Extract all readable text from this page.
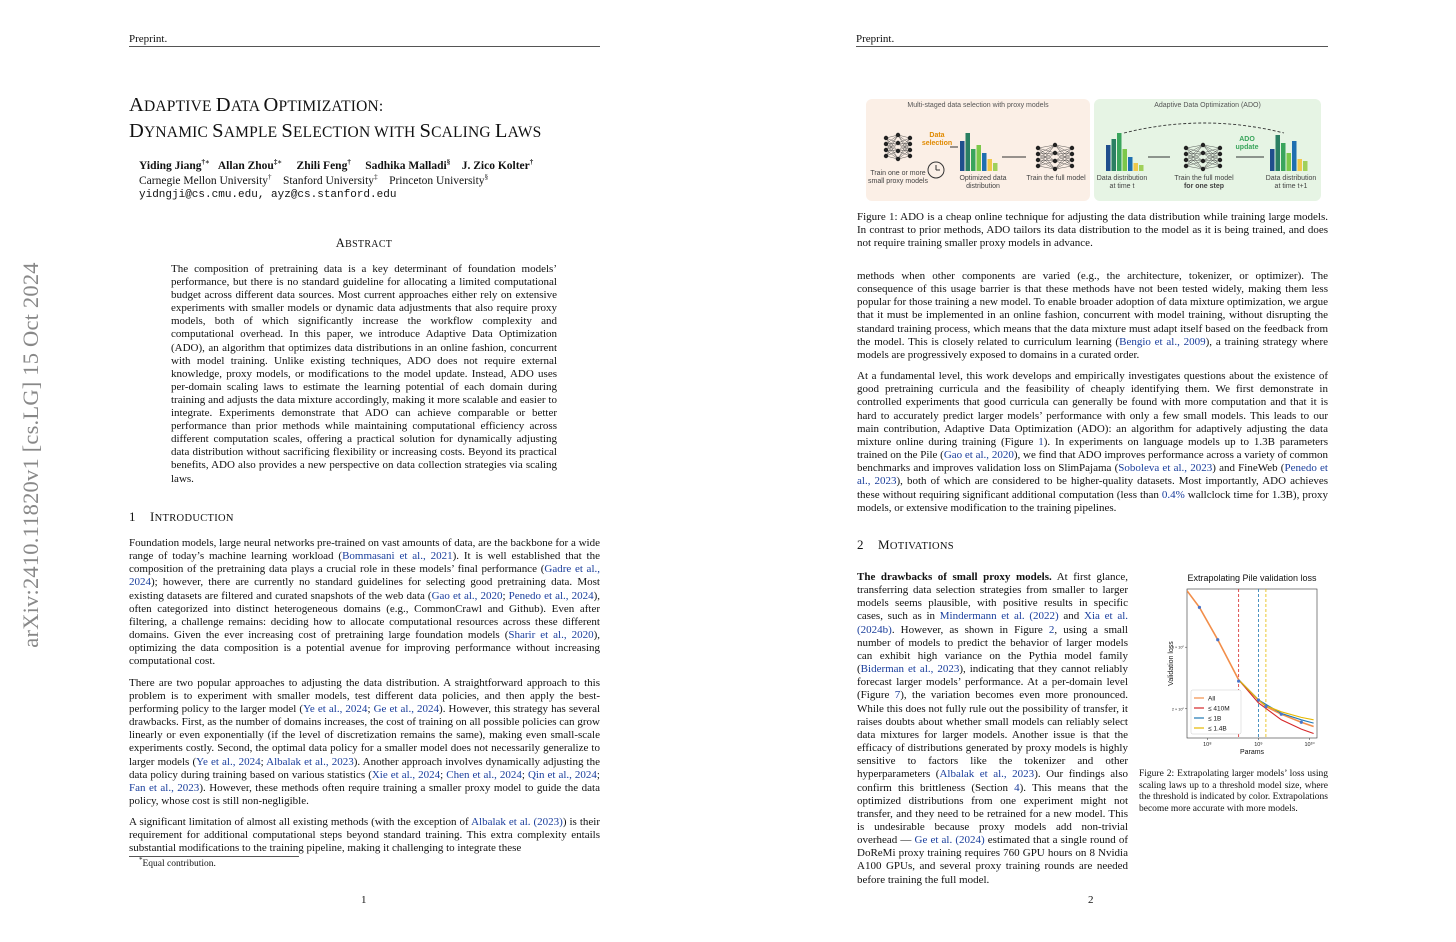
Preprint.
arXiv:2410.11820v1 [cs.LG] 15 Oct 2024
ADAPTIVE DATA OPTIMIZATION:
DYNAMIC SAMPLE SELECTION WITH SCALING LAWS
Yiding Jiang†∗ Allan Zhou‡∗ Zhili Feng† Sadhika Malladi§ J. Zico Kolter†
Carnegie Mellon University† Stanford University‡ Princeton University§
yidngji@cs.cmu.edu, ayz@cs.stanford.edu
ABSTRACT
The composition of pretraining data is a key determinant of foundation models’ performance, but there is no standard guideline for allocating a limited computational budget across different data sources. Most current approaches either rely on extensive experiments with smaller models or dynamic data adjustments that also require proxy models, both of which significantly increase the workflow complexity and computational overhead. In this paper, we introduce Adaptive Data Optimization (ADO), an algorithm that optimizes data distributions in an online fashion, concurrent with model training. Unlike existing techniques, ADO does not require external knowledge, proxy models, or modifications to the model update. Instead, ADO uses per-domain scaling laws to estimate the learning potential of each domain during training and adjusts the data mixture accordingly, making it more scalable and easier to integrate. Experiments demonstrate that ADO can achieve comparable or better performance than prior methods while maintaining computational efficiency across different computation scales, offering a practical solution for dynamically adjusting data distribution without sacrificing flexibility or increasing costs. Beyond its practical benefits, ADO also provides a new perspective on data collection strategies via scaling laws.
1 INTRODUCTION

Foundation models, large neural networks pre-trained on vast amounts of data, are the backbone for a wide range of today’s machine learning workload (Bommasani et al., 2021). It is well established that the composition of the pretraining data plays a crucial role in these models’ final performance (Gadre et al., 2024); however, there are currently no standard guidelines for selecting good pretraining data. Most existing datasets are filtered and curated snapshots of the web data (Gao et al., 2020; Penedo et al., 2024), often categorized into distinct heterogeneous domains (e.g., CommonCrawl and Github). Even after filtering, a challenge remains: deciding how to allocate computational resources across these different domains. Given the ever increasing cost of pretraining large foundation models (Sharir et al., 2020), optimizing the data composition is a potential avenue for improving performance without increasing computational cost.

There are two popular approaches to adjusting the data distribution. A straightforward approach to this problem is to experiment with smaller models, test different data policies, and then apply the best-performing policy to the larger model (Ye et al., 2024; Ge et al., 2024). However, this strategy has several drawbacks. First, as the number of domains increases, the cost of training on all possible policies can grow linearly or even exponentially (if the level of discretization remains the same), making even small-scale experiments costly. Second, the optimal data policy for a smaller model does not necessarily generalize to larger models (Ye et al., 2024; Albalak et al., 2023). Another approach involves dynamically adjusting the data policy during training based on various statistics (Xie et al., 2024; Chen et al., 2024; Qin et al., 2024; Fan et al., 2023). However, these methods often require training a smaller proxy model to guide the data policy, whose cost is still non-negligible.

A significant limitation of almost all existing methods (with the exception of Albalak et al. (2023)) is their requirement for additional computational steps beyond standard training. This extra complexity entails substantial modifications to the training pipeline, making it challenging to integrate these

*Equal contribution.
1
Preprint.
2
Multi-staged data selection with proxy models	Adaptive Data Optimization (ADO)
Train one or more small proxy models
Data selection
Optimized data distribution
Train the full model	Data distribution at time t
Train the full model
for one step
ADO update
Data distribution at time t+1
Figure 1: ADO is a cheap online technique for adjusting the data distribution while training large models. In contrast to prior methods, ADO tailors its data distribution to the model as it is being trained, and does not require training smaller proxy models in advance.

methods when other components are varied (e.g., the architecture, tokenizer, or optimizer). The consequence of this usage barrier is that these methods have not been tested widely, making them less popular for those training a new model. To enable broader adoption of data mixture optimization, we argue that it must be implemented in an online fashion, concurrent with model training, without disrupting the standard training process, which means that the data mixture must adapt itself based on the feedback from the model. This is closely related to curriculum learning (Bengio et al., 2009), a training strategy where models are progressively exposed to domains in a curated order.

At a fundamental level, this work develops and empirically investigates questions about the existence of good pretraining curricula and the feasibility of cheaply identifying them. We first demonstrate in controlled experiments that good curricula can generally be found with more computation and that it is hard to accurately predict larger models’ performance with only a few small models. This leads to our main contribution, Adaptive Data Optimization (ADO): an algorithm for adaptively adjusting the data mixture online during training (Figure 1). In experiments on language models up to 1.3B parameters trained on the Pile (Gao et al., 2020), we find that ADO improves performance across a variety of common benchmarks and improves validation loss on SlimPajama (Soboleva et al., 2023) and FineWeb (Penedo et al., 2023), both of which are considered to be higher-quality datasets. Most importantly, ADO achieves these without requiring significant additional computation (less than 0.4% wallclock time for 1.3B), proxy models, or extensive modification to the training pipelines.

2 MOTIVATIONS

The drawbacks of small proxy models. At first glance, transferring data selection strategies from smaller to larger models seems plausible, with positive results in specific cases, such as in Mindermann et al. (2022) and Xia et al. (2024b). However, as shown in Figure 2, using a small number of models to predict the behavior of larger models can exhibit high variance on the Pythia model family (Biderman et al., 2023), indicating that they cannot reliably forecast larger models’ performance. At a per-domain level (Figure 7), the variation becomes even more pronounced. While this does not fully rule out the possibility of transfer, it raises doubts about whether small models can reliably select data mixtures for larger models. Another issue is that the efficacy of distributions generated by proxy models is highly sensitive to factors like the tokenizer and other hyperparameters (Albalak et al., 2023). Our findings also confirm this brittleness (Section 4). This means that the optimized distributions from one experiment might not transfer, and they need to be retrained for a new model. This is undesirable because proxy models add non-trivial overhead — Ge et al. (2024) estimated that a single round of DoReMi proxy training requires 760 GPU hours on 8 Nvidia A100 GPUs, and several proxy training rounds are needed before training the full model.

Extrapolating Pile validation loss
10⁸	10⁹	10¹⁰
2 × 10⁰
3 × 10⁰
Params
Validation loss
All
≤ 410M
≤ 1B
≤ 1.4B
Figure 2: Extrapolating larger models’ loss using scaling laws up to a threshold model size, where the threshold is indicated by color. Extrapolations become more accurate with more models.
